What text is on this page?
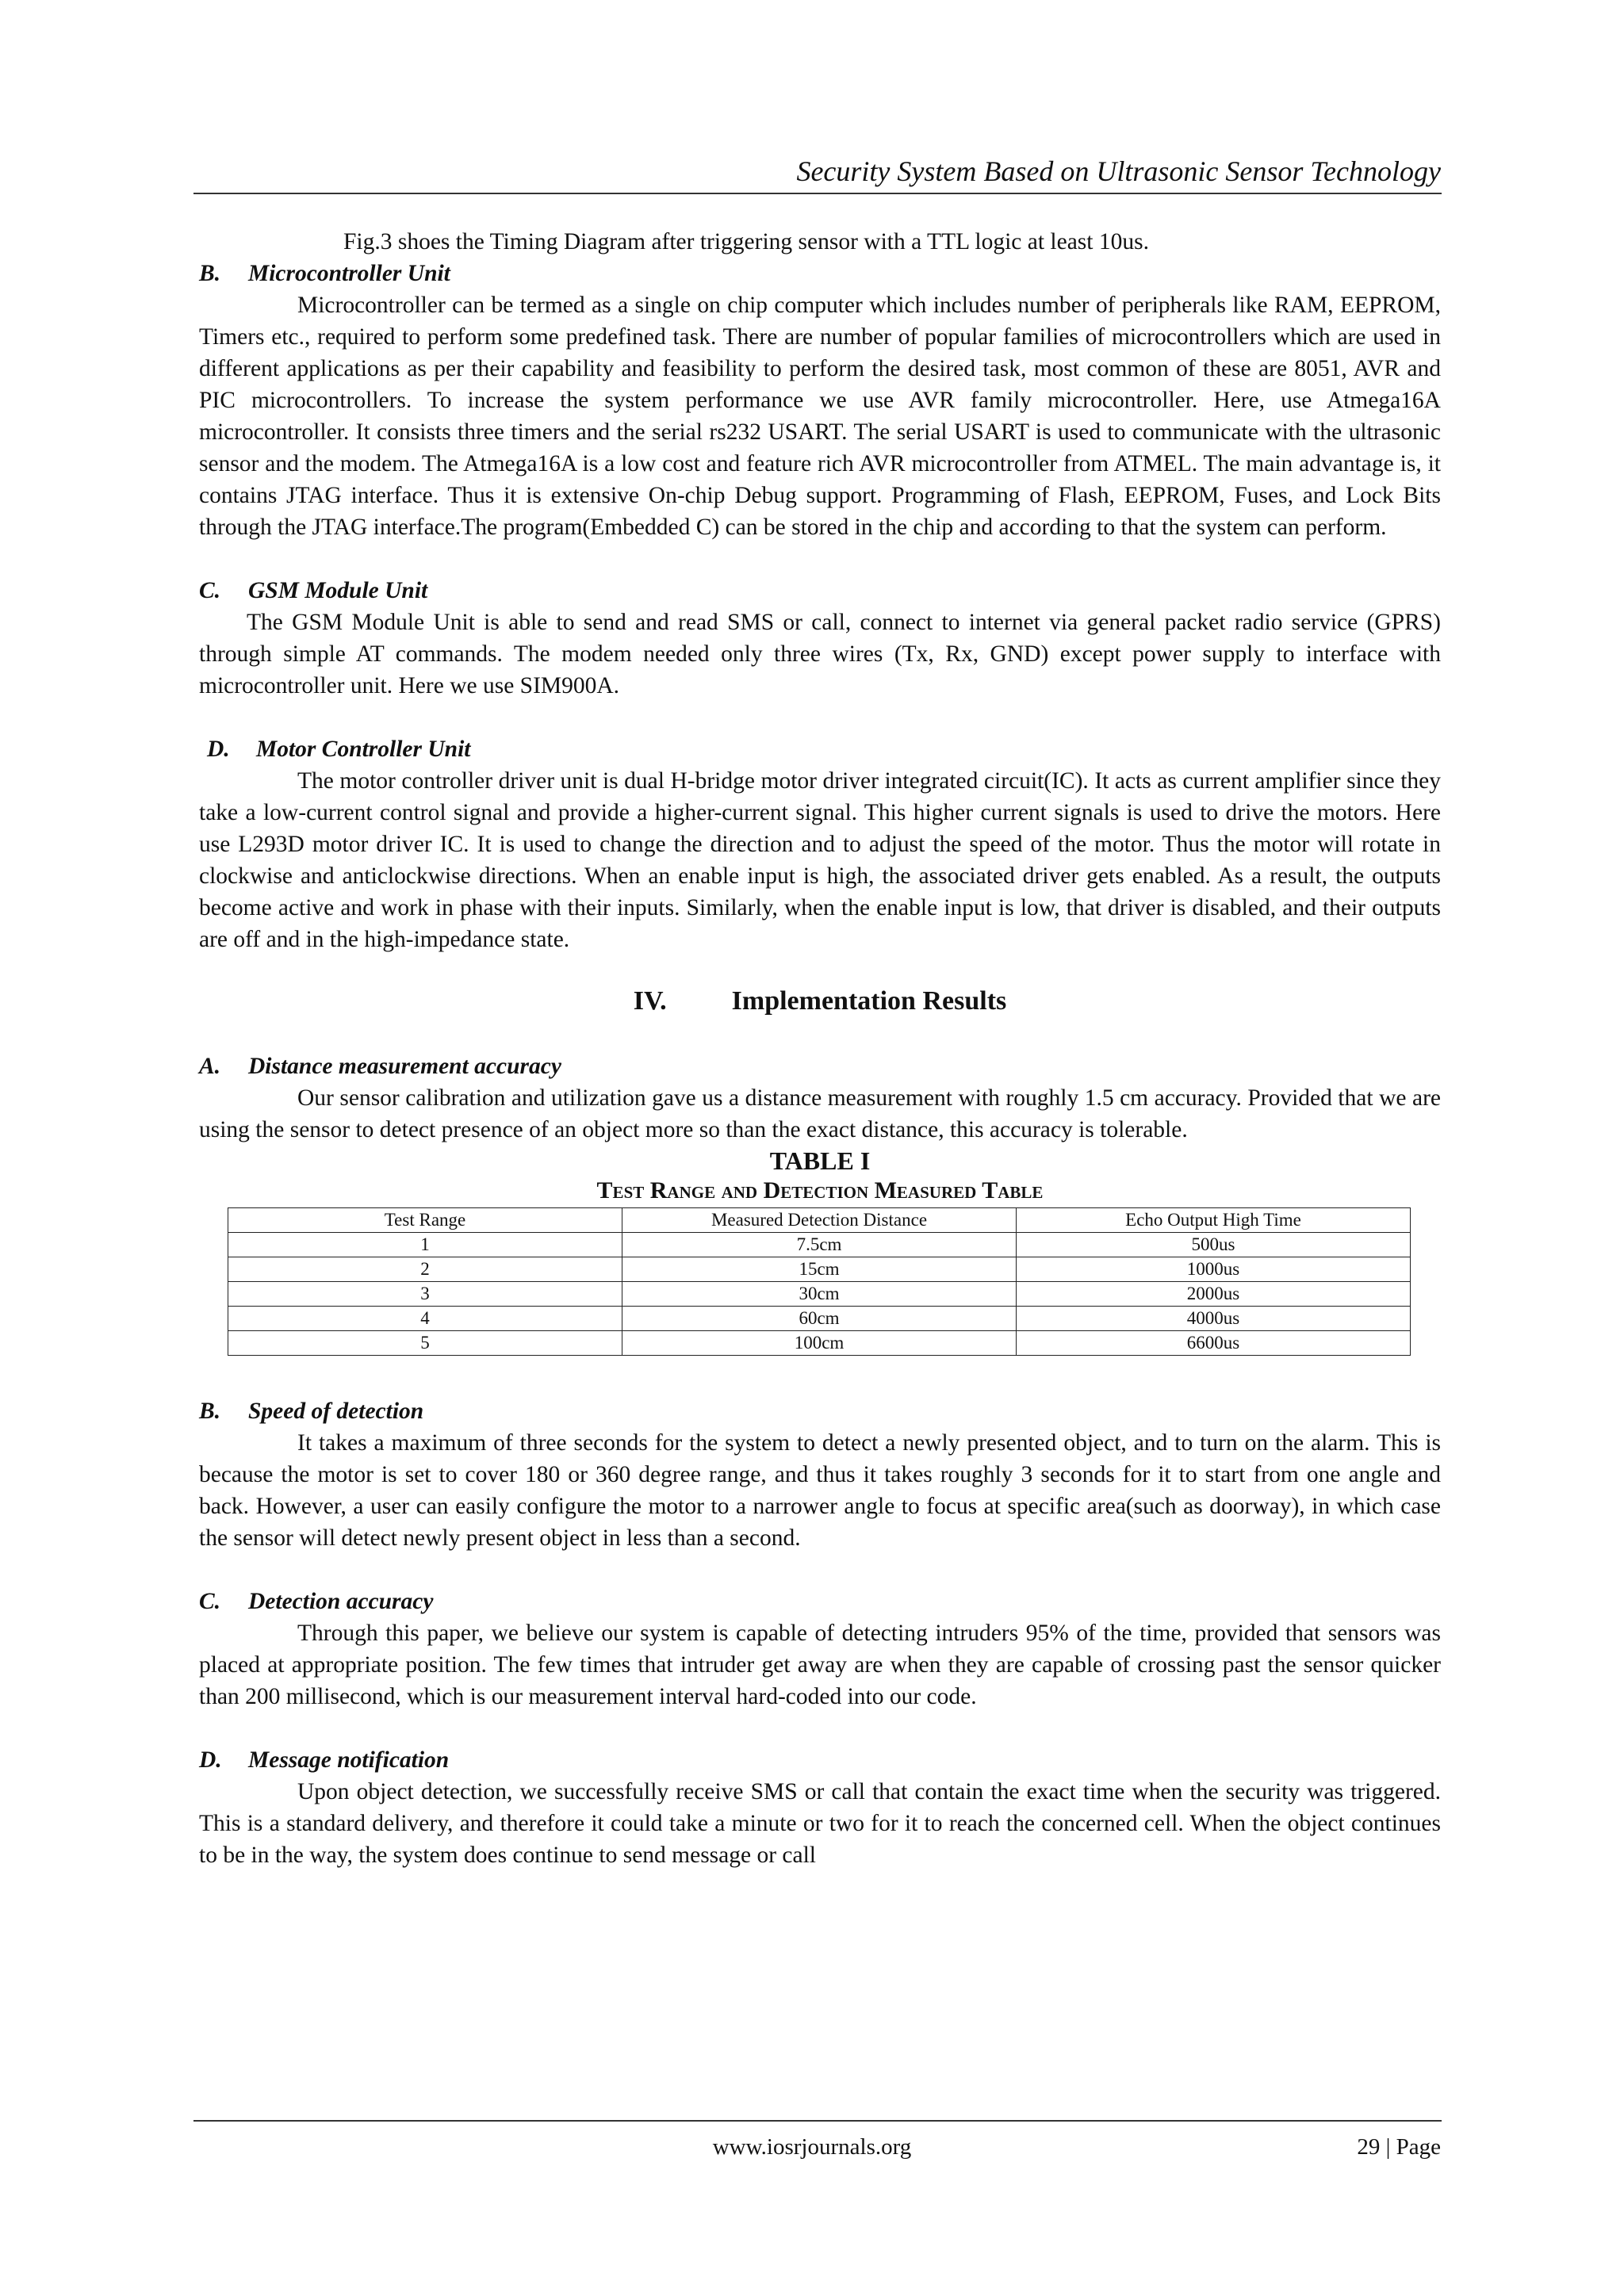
Security System Based on Ultrasonic Sensor Technology

Fig.3 shoes the Timing Diagram after triggering sensor with a TTL logic at least 10us.

B. Microcontroller Unit

Microcontroller can be termed as a single on chip computer which includes number of peripherals like RAM, EEPROM, Timers etc., required to perform some predefined task. There are number of popular families of microcontrollers which are used in different applications as per their capability and feasibility to perform the desired task, most common of these are 8051, AVR and PIC microcontrollers. To increase the system performance we use AVR family microcontroller. Here, use Atmega16A microcontroller. It consists three timers and the serial rs232 USART. The serial USART is used to communicate with the ultrasonic sensor and the modem. The Atmega16A is a low cost and feature rich AVR microcontroller from ATMEL. The main advantage is, it contains JTAG interface. Thus it is extensive On-chip Debug support. Programming of Flash, EEPROM, Fuses, and Lock Bits through the JTAG interface.The program(Embedded C) can be stored in the chip and according to that the system can perform.

C. GSM Module Unit

The GSM Module Unit is able to send and read SMS or call, connect to internet via general packet radio service (GPRS) through simple AT commands. The modem needed only three wires (Tx, Rx, GND) except power supply to interface with microcontroller unit. Here we use SIM900A.

D. Motor Controller Unit

The motor controller driver unit is dual H-bridge motor driver integrated circuit(IC). It acts as current amplifier since they take a low-current control signal and provide a higher-current signal. This higher current signals is used to drive the motors. Here use L293D motor driver IC. It is used to change the direction and to adjust the speed of the motor. Thus the motor will rotate in clockwise and anticlockwise directions. When an enable input is high, the associated driver gets enabled. As a result, the outputs become active and work in phase with their inputs. Similarly, when the enable input is low, that driver is disabled, and their outputs are off and in the high-impedance state.

IV. Implementation Results
A. Distance measurement accuracy

Our sensor calibration and utilization gave us a distance measurement with roughly 1.5 cm accuracy. Provided that we are using the sensor to detect presence of an object more so than the exact distance, this accuracy is tolerable.

TABLE I
Test Range and Detection Measured Table
Test Range	Measured Detection Distance	Echo Output High Time
1	7.5cm	500us
2	15cm	1000us
3	30cm	2000us
4	60cm	4000us
5	100cm	6600us
B. Speed of detection

It takes a maximum of three seconds for the system to detect a newly presented object, and to turn on the alarm. This is because the motor is set to cover 180 or 360 degree range, and thus it takes roughly 3 seconds for it to start from one angle and back. However, a user can easily configure the motor to a narrower angle to focus at specific area(such as doorway), in which case the sensor will detect newly present object in less than a second.

C. Detection accuracy

Through this paper, we believe our system is capable of detecting intruders 95% of the time, provided that sensors was placed at appropriate position. The few times that intruder get away are when they are capable of crossing past the sensor quicker than 200 millisecond, which is our measurement interval hard-coded into our code.

D. Message notification

Upon object detection, we successfully receive SMS or call that contain the exact time when the security was triggered. This is a standard delivery, and therefore it could take a minute or two for it to reach the concerned cell. When the object continues to be in the way, the system does continue to send message or call

www.iosrjournals.org	29 | Page
